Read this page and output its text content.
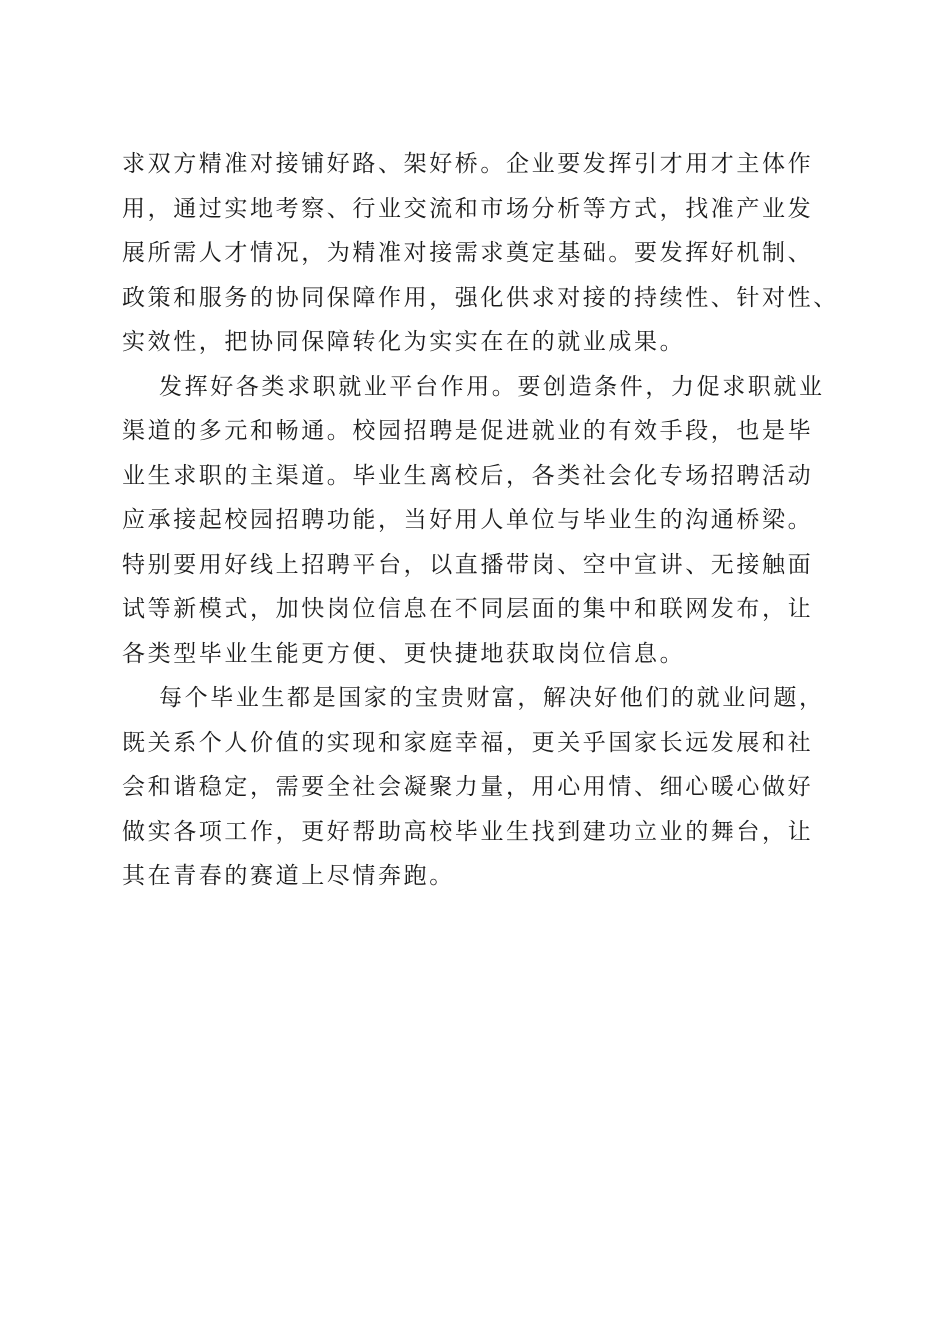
求双方精准对接铺好路、架好桥。企业要发挥引才用才主体作
用，通过实地考察、行业交流和市场分析等方式，找准产业发
展所需人才情况，为精准对接需求奠定基础。要发挥好机制、
政策和服务的协同保障作用，强化供求对接的持续性、针对性、
实效性，把协同保障转化为实实在在的就业成果。
发挥好各类求职就业平台作用。要创造条件，力促求职就业
渠道的多元和畅通。校园招聘是促进就业的有效手段，也是毕
业生求职的主渠道。毕业生离校后，各类社会化专场招聘活动
应承接起校园招聘功能，当好用人单位与毕业生的沟通桥梁。
特别要用好线上招聘平台，以直播带岗、空中宣讲、无接触面
试等新模式，加快岗位信息在不同层面的集中和联网发布，让
各类型毕业生能更方便、更快捷地获取岗位信息。
每个毕业生都是国家的宝贵财富，解决好他们的就业问题，
既关系个人价值的实现和家庭幸福，更关乎国家长远发展和社
会和谐稳定，需要全社会凝聚力量，用心用情、细心暖心做好
做实各项工作，更好帮助高校毕业生找到建功立业的舞台，让
其在青春的赛道上尽情奔跑。
